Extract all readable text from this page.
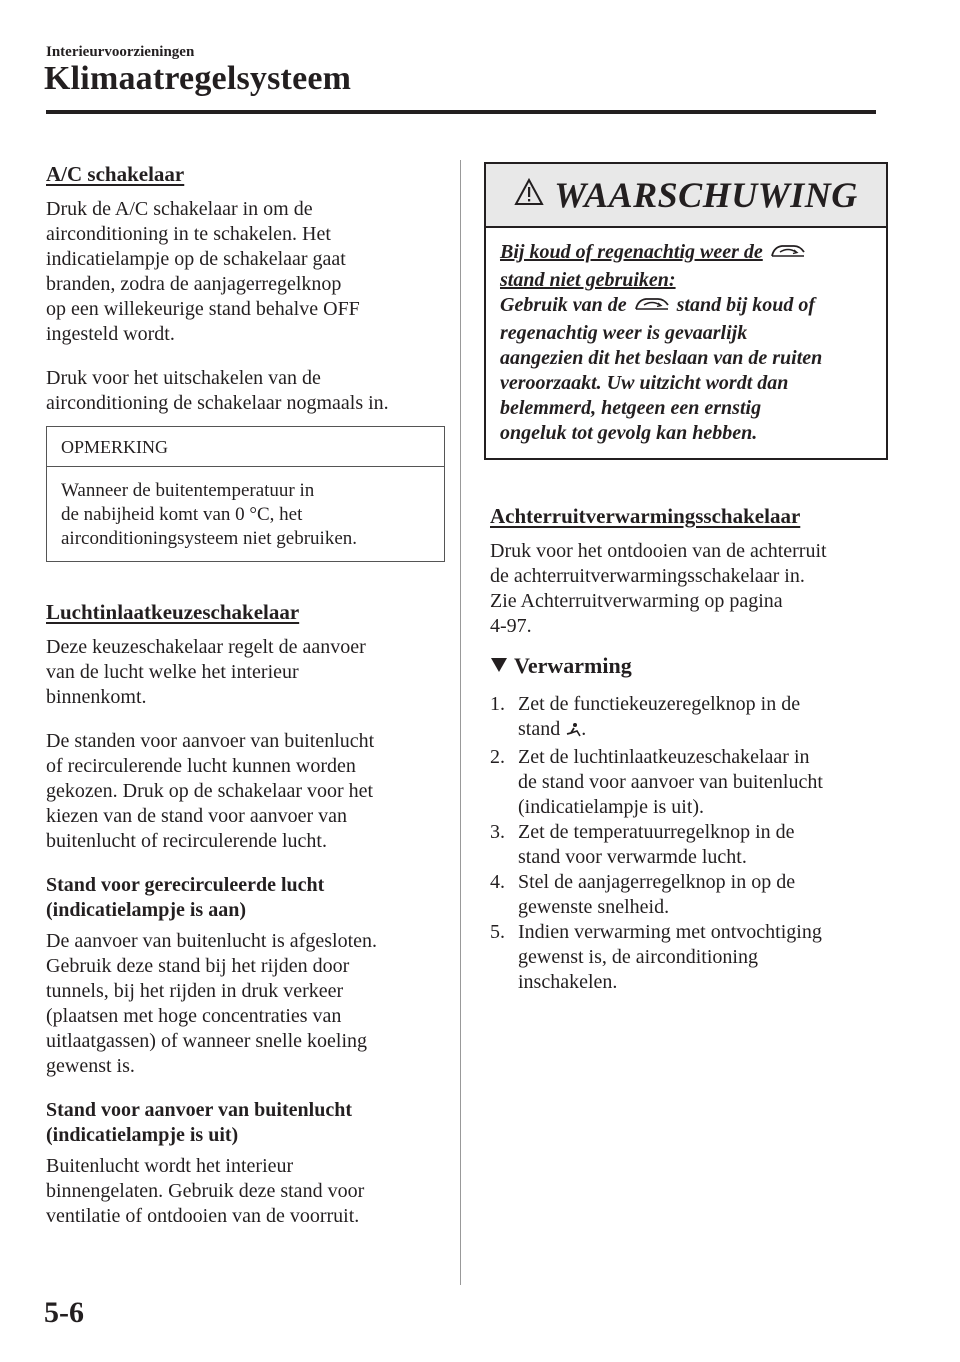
Interieurvoorzieningen
Klimaatregelsysteem
A/C schakelaar
Druk de A/C schakelaar in om de
airconditioning in te schakelen. Het
indicatielampje op de schakelaar gaat
branden, zodra de aanjagerregelknop
op een willekeurige stand behalve OFF
ingesteld wordt.
Druk voor het uitschakelen van de
airconditioning de schakelaar nogmaals in.
OPMERKING
Wanneer de buitentemperatuur in
de nabijheid komt van 0 °C, het
airconditioningsysteem niet gebruiken.
Luchtinlaatkeuzeschakelaar
Deze keuzeschakelaar regelt de aanvoer
van de lucht welke het interieur
binnenkomt.
De standen voor aanvoer van buitenlucht
of recirculerende lucht kunnen worden
gekozen. Druk op de schakelaar voor het
kiezen van de stand voor aanvoer van
buitenlucht of recirculerende lucht.
Stand voor gerecirculeerde lucht
(indicatielampje is aan)
De aanvoer van buitenlucht is afgesloten.
Gebruik deze stand bij het rijden door
tunnels, bij het rijden in druk verkeer
(plaatsen met hoge concentraties van
uitlaatgassen) of wanneer snelle koeling
gewenst is.
Stand voor aanvoer van buitenlucht
(indicatielampje is uit)
Buitenlucht wordt het interieur
binnengelaten. Gebruik deze stand voor
ventilatie of ontdooien van de voorruit.
WAARSCHUWING
Bij koud of regenachtig weer de
stand niet gebruiken:
Gebruik van de	stand bij koud of
regenachtig weer is gevaarlijk
aangezien dit het beslaan van de ruiten
veroorzaakt. Uw uitzicht wordt dan
belemmerd, hetgeen een ernstig
ongeluk tot gevolg kan hebben.
Achterruitverwarmingsschakelaar
Druk voor het ontdooien van de achterruit
de achterruitverwarmingsschakelaar in.
Zie Achterruitverwarming op pagina
4-97.
Verwarming
1. Zet de functiekeuzeregelknop in de
stand .
2. Zet de luchtinlaatkeuzeschakelaar in
de stand voor aanvoer van buitenlucht
(indicatielampje is uit).
3. Zet de temperatuurregelknop in de
stand voor verwarmde lucht.
4. Stel de aanjagerregelknop in op de
gewenste snelheid.
5. Indien verwarming met ontvochtiging
gewenst is, de airconditioning
inschakelen.
5-6
